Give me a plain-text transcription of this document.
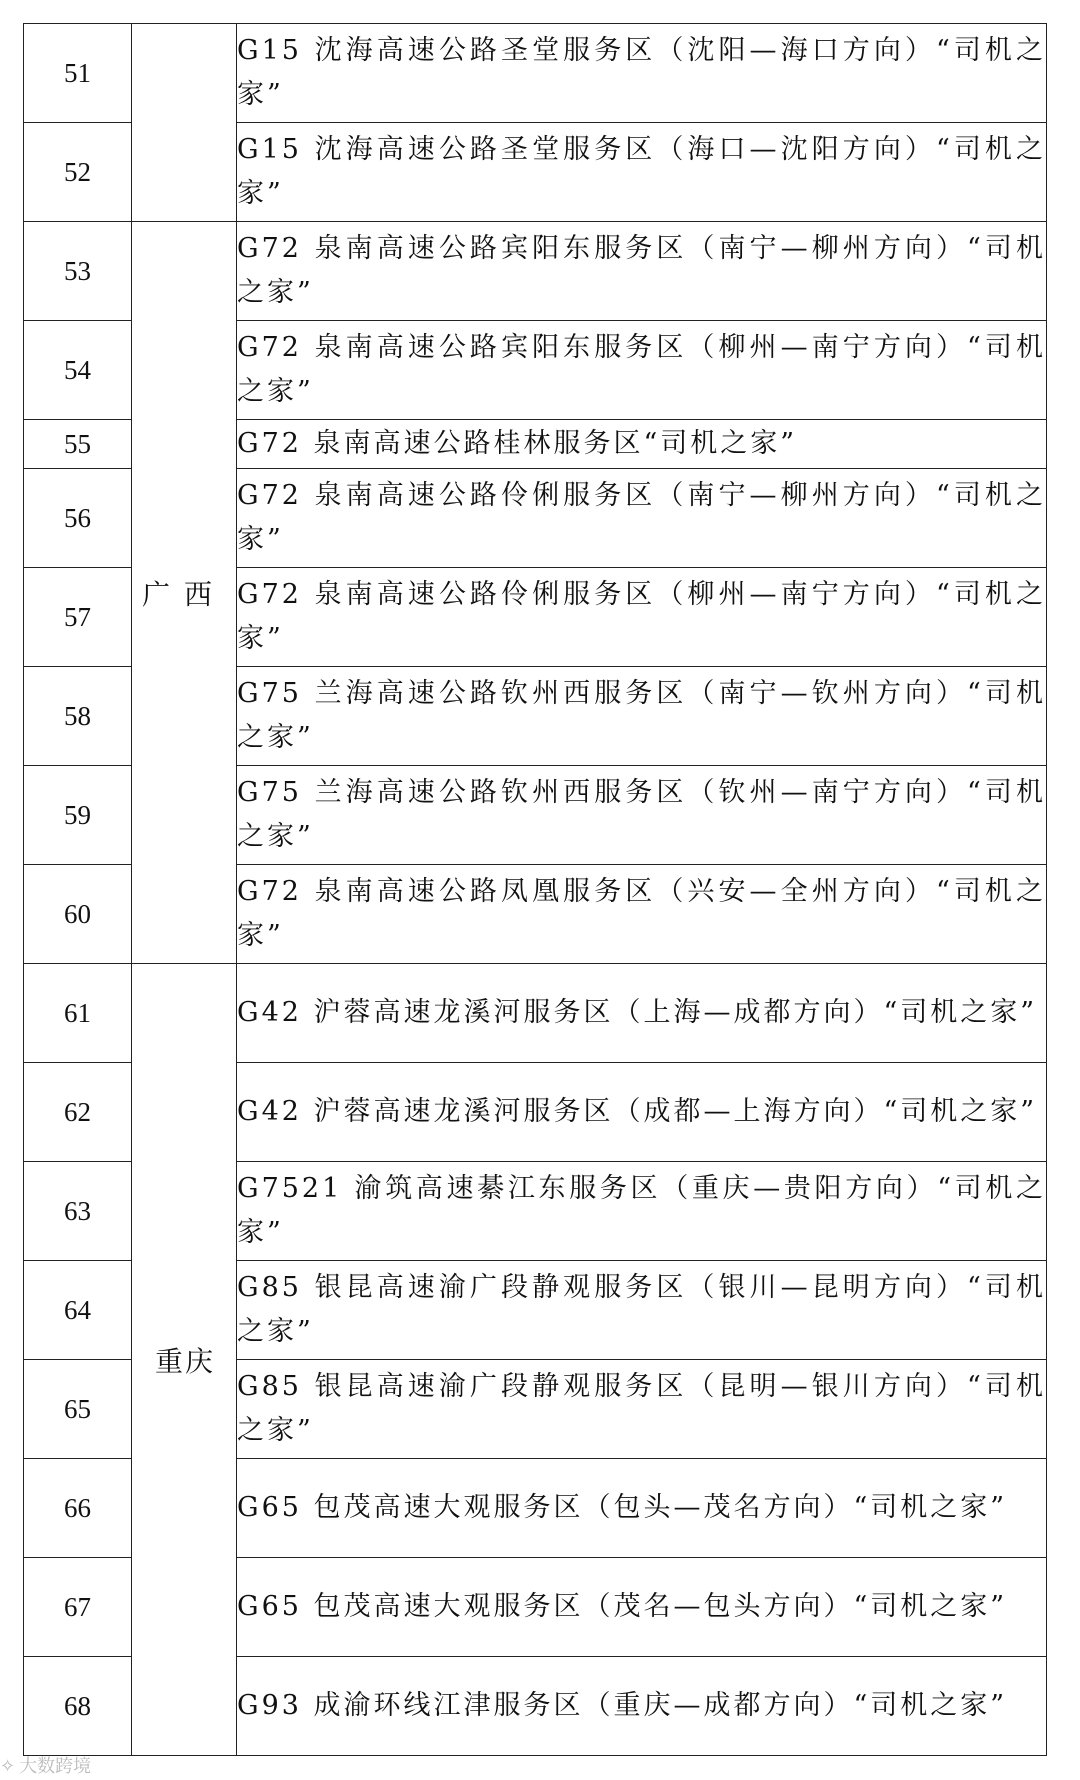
51		G15 沈海高速公路圣堂服务区（沈阳—海口方向）“司机之家”
52		G15 沈海高速公路圣堂服务区（海口—沈阳方向）“司机之家”
53	广西	G72 泉南高速公路宾阳东服务区（南宁—柳州方向）“司机之家”
54		G72 泉南高速公路宾阳东服务区（柳州—南宁方向）“司机之家”
55		G72 泉南高速公路桂林服务区“司机之家”
56		G72 泉南高速公路伶俐服务区（南宁—柳州方向）“司机之家”
57		G72 泉南高速公路伶俐服务区（柳州—南宁方向）“司机之家”
58		G75 兰海高速公路钦州西服务区（南宁—钦州方向）“司机之家”
59		G75 兰海高速公路钦州西服务区（钦州—南宁方向）“司机之家”
60		G72 泉南高速公路凤凰服务区（兴安—全州方向）“司机之家”
61	重庆	G42 沪蓉高速龙溪河服务区（上海—成都方向）“司机之家”
62		G42 沪蓉高速龙溪河服务区（成都—上海方向）“司机之家”
63		G7521 渝筑高速綦江东服务区（重庆—贵阳方向）“司机之家”
64		G85 银昆高速渝广段静观服务区（银川—昆明方向）“司机之家”
65		G85 银昆高速渝广段静观服务区（昆明—银川方向）“司机之家”
66		G65 包茂高速大观服务区（包头—茂名方向）“司机之家”
67		G65 包茂高速大观服务区（茂名—包头方向）“司机之家”
68		G93 成渝环线江津服务区（重庆—成都方向）“司机之家”
✧ 大数跨境
